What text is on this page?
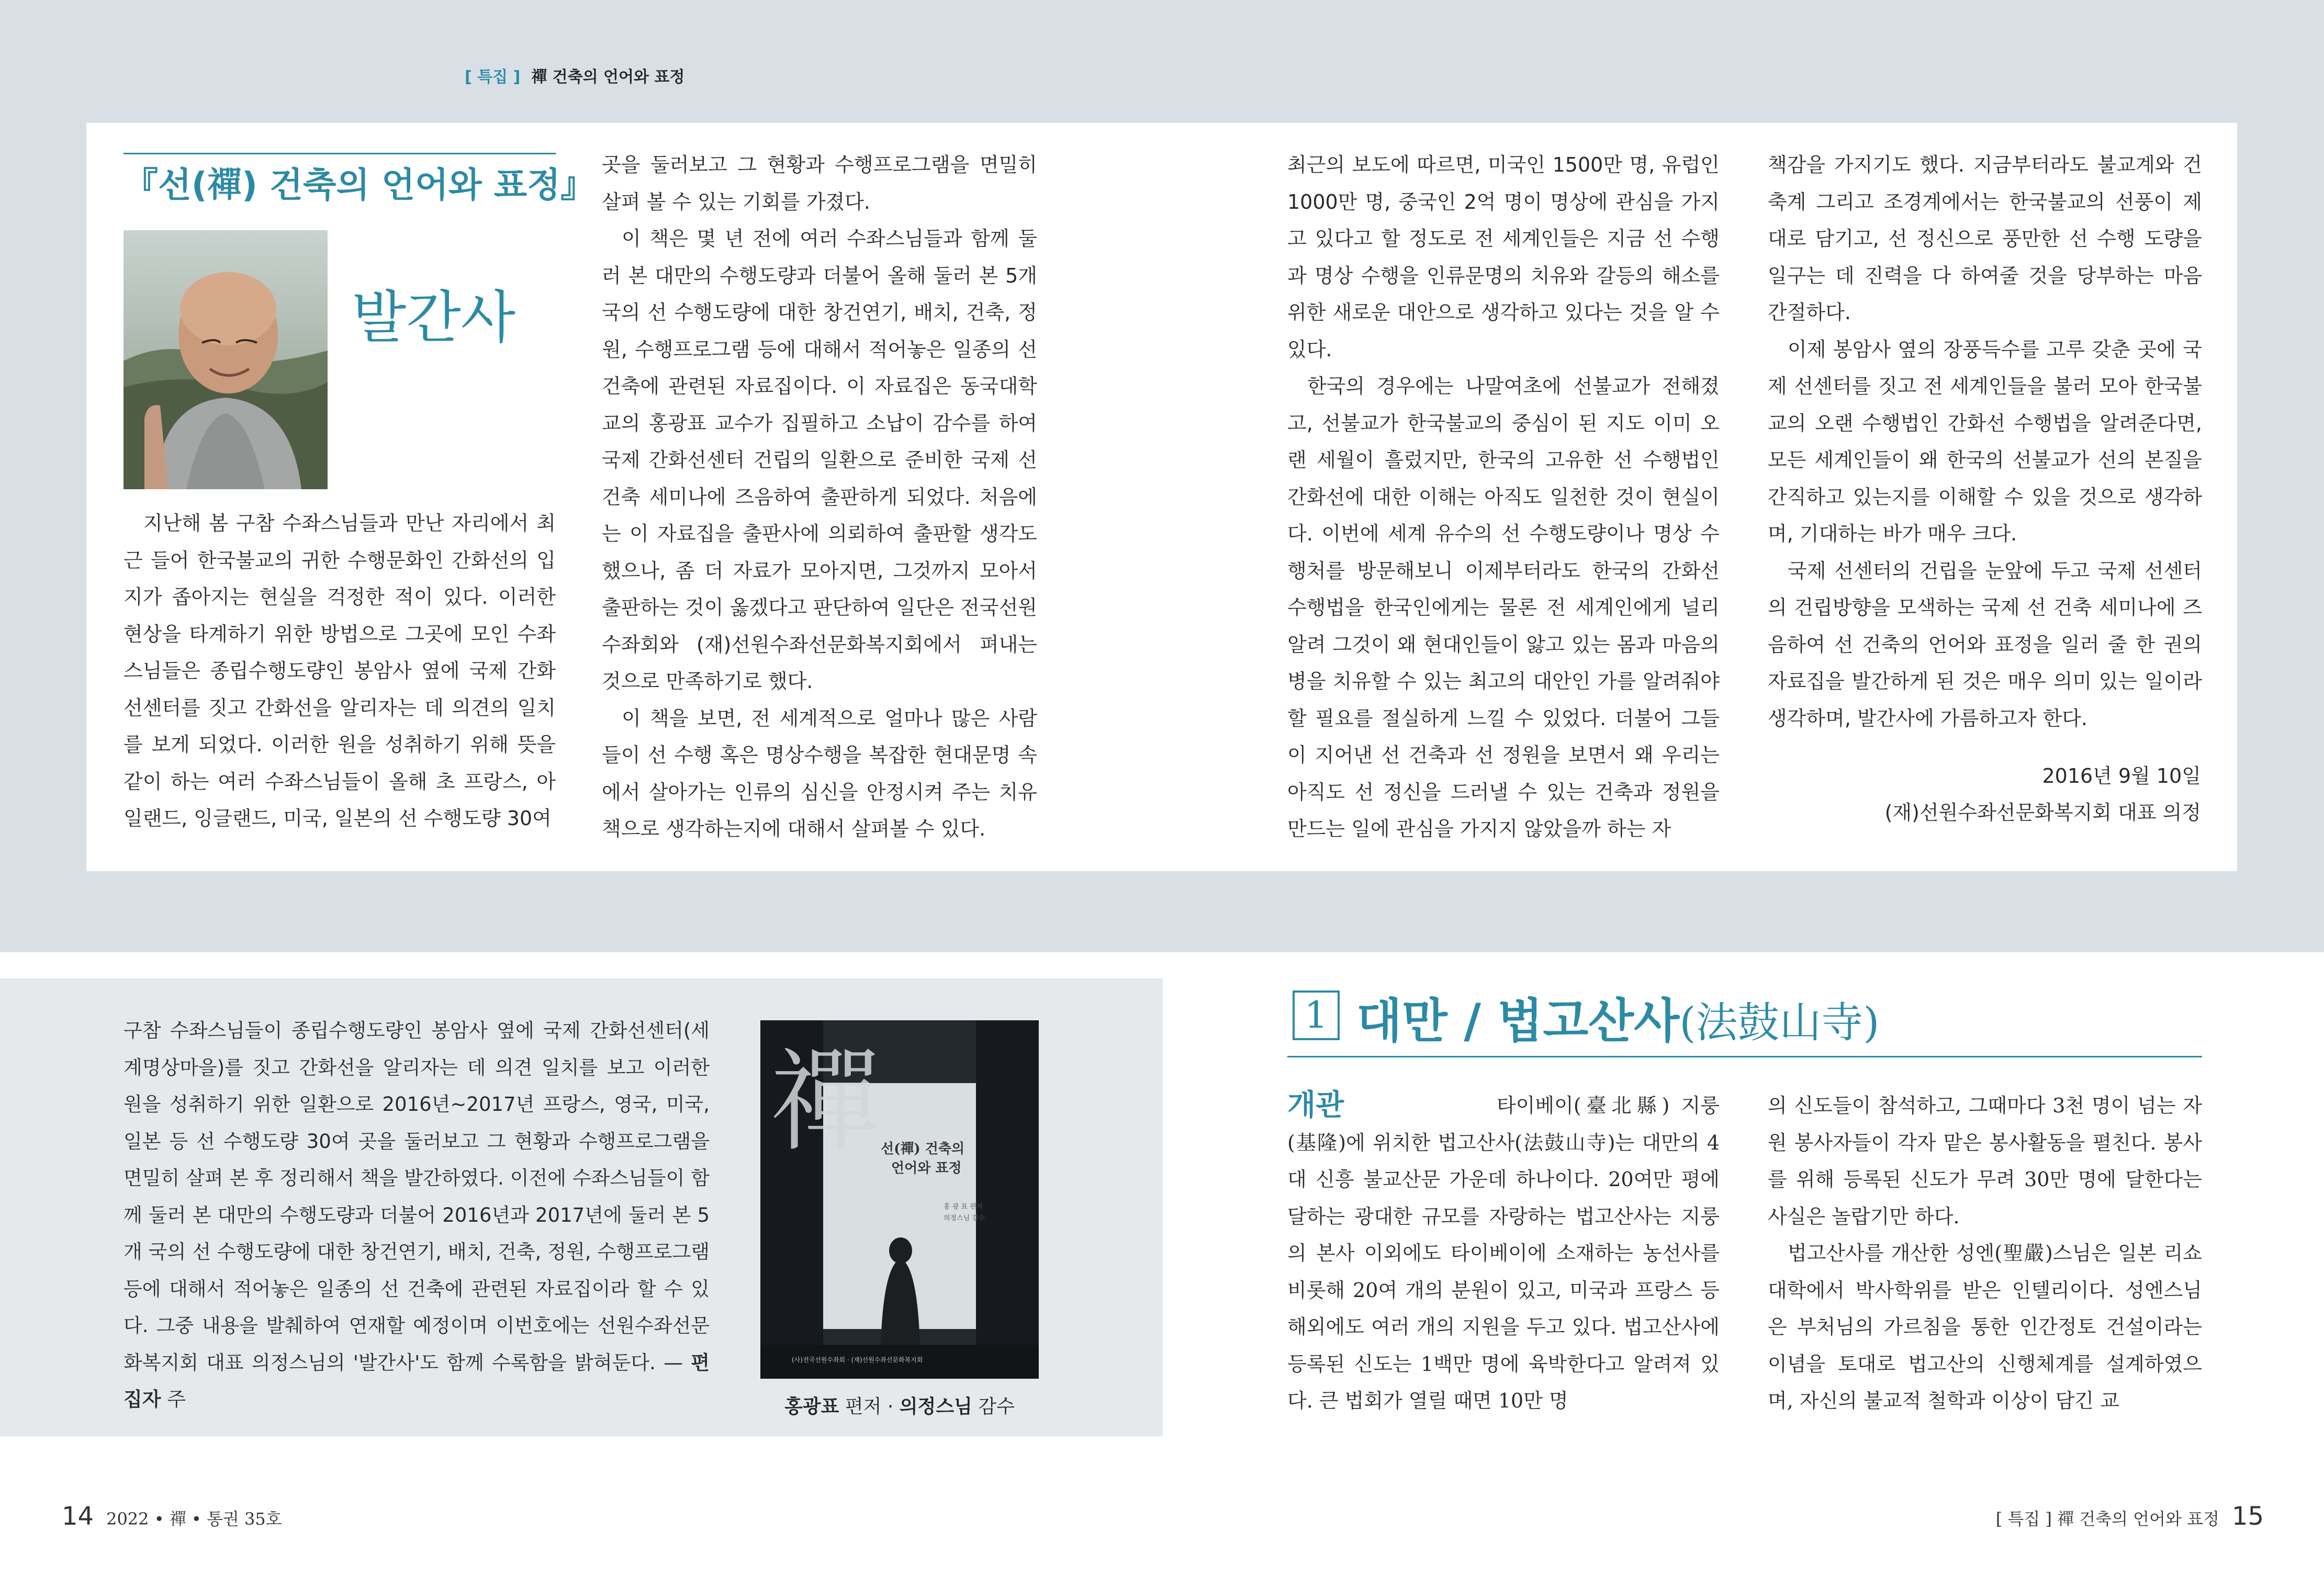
[ 특집 ] 禪 건축의 언어와 표정
『선(禪) 건축의 언어와 표정』
발간사

지난해 봄 구참 수좌스님들과 만난 자리에서 최근 들어 한국불교의 귀한 수행문화인 간화선의 입지가 좁아지는 현실을 걱정한 적이 있다. 이러한 현상을 타계하기 위한 방법으로 그곳에 모인 수좌스님들은 종립수행도량인 봉암사 옆에 국제 간화선센터를 짓고 간화선을 알리자는 데 의견의 일치를 보게 되었다. 이러한 원을 성취하기 위해 뜻을 같이 하는 여러 수좌스님들이 올해 초 프랑스, 아일랜드, 잉글랜드, 미국, 일본의 선 수행도량 30여

곳을 둘러보고 그 현황과 수행프로그램을 면밀히 살펴 볼 수 있는 기회를 가졌다.

이 책은 몇 년 전에 여러 수좌스님들과 함께 둘러 본 대만의 수행도량과 더불어 올해 둘러 본 5개 국의 선 수행도량에 대한 창건연기, 배치, 건축, 정원, 수행프로그램 등에 대해서 적어놓은 일종의 선 건축에 관련된 자료집이다. 이 자료집은 동국대학교의 홍광표 교수가 집필하고 소납이 감수를 하여 국제 간화선센터 건립의 일환으로 준비한 국제 선 건축 세미나에 즈음하여 출판하게 되었다. 처음에는 이 자료집을 출판사에 의뢰하여 출판할 생각도 했으나, 좀 더 자료가 모아지면, 그것까지 모아서 출판하는 것이 옳겠다고 판단하여 일단은 전국선원수좌회와 (재)선원수좌선문화복지회에서 펴내는 것으로 만족하기로 했다.

이 책을 보면, 전 세계적으로 얼마나 많은 사람들이 선 수행 혹은 명상수행을 복잡한 현대문명 속에서 살아가는 인류의 심신을 안정시켜 주는 치유책으로 생각하는지에 대해서 살펴볼 수 있다.

최근의 보도에 따르면, 미국인 1500만 명, 유럽인 1000만 명, 중국인 2억 명이 명상에 관심을 가지고 있다고 할 정도로 전 세계인들은 지금 선 수행과 명상 수행을 인류문명의 치유와 갈등의 해소를 위한 새로운 대안으로 생각하고 있다는 것을 알 수 있다.

한국의 경우에는 나말여초에 선불교가 전해졌고, 선불교가 한국불교의 중심이 된 지도 이미 오랜 세월이 흘렀지만, 한국의 고유한 선 수행법인 간화선에 대한 이해는 아직도 일천한 것이 현실이다. 이번에 세계 유수의 선 수행도량이나 명상 수행처를 방문해보니 이제부터라도 한국의 간화선 수행법을 한국인에게는 물론 전 세계인에게 널리 알려 그것이 왜 현대인들이 앓고 있는 몸과 마음의 병을 치유할 수 있는 최고의 대안인 가를 알려줘야 할 필요를 절실하게 느낄 수 있었다. 더불어 그들이 지어낸 선 건축과 선 정원을 보면서 왜 우리는 아직도 선 정신을 드러낼 수 있는 건축과 정원을 만드는 일에 관심을 가지지 않았을까 하는 자

책감을 가지기도 했다. 지금부터라도 불교계와 건축계 그리고 조경계에서는 한국불교의 선풍이 제대로 담기고, 선 정신으로 풍만한 선 수행 도량을 일구는 데 진력을 다 하여줄 것을 당부하는 마음 간절하다.

이제 봉암사 옆의 장풍득수를 고루 갖춘 곳에 국제 선센터를 짓고 전 세계인들을 불러 모아 한국불교의 오랜 수행법인 간화선 수행법을 알려준다면, 모든 세계인들이 왜 한국의 선불교가 선의 본질을 간직하고 있는지를 이해할 수 있을 것으로 생각하며, 기대하는 바가 매우 크다.

국제 선센터의 건립을 눈앞에 두고 국제 선센터의 건립방향을 모색하는 국제 선 건축 세미나에 즈음하여 선 건축의 언어와 표정을 일러 줄 한 권의 자료집을 발간하게 된 것은 매우 의미 있는 일이라 생각하며, 발간사에 가름하고자 한다.

2016년 9월 10일
(재)선원수좌선문화복지회 대표 의정
구참 수좌스님들이 종립수행도량인 봉암사 옆에 국제 간화선센터(세계명상마을)를 짓고 간화선을 알리자는 데 의견 일치를 보고 이러한 원을 성취하기 위한 일환으로 2016년~2017년 프랑스, 영국, 미국, 일본 등 선 수행도량 30여 곳을 둘러보고 그 현황과 수행프로그램을 면밀히 살펴 본 후 정리해서 책을 발간하였다. 이전에 수좌스님들이 함께 둘러 본 대만의 수행도량과 더불어 2016년과 2017년에 둘러 본 5개 국의 선 수행도량에 대한 창건연기, 배치, 건축, 정원, 수행프로그램 등에 대해서 적어놓은 일종의 선 건축에 관련된 자료집이라 할 수 있다. 그중 내용을 발췌하여 연재할 예정이며 이번호에는 선원수좌선문화복지회 대표 의정스님의 '발간사'도 함께 수록함을 밝혀둔다. — 편집자 주
禪 선(禪) 건축의
언어와 표정
홍 광 표 편저
의정스님 감수
(사)전국선원수좌회 · (재)선원수좌선문화복지회
홍광표 편저 · 의정스님 감수
1 대만 / 법고산사(法鼓山寺)
개관	타이베이(臺北縣) 지룽(基隆)에 위치한 법고산사(法鼓山寺)는 대만의 4대 신흥 불교산문 가운데 하나이다. 20여만 평에 달하는 광대한 규모를 자랑하는 법고산사는 지룽의 본사 이외에도 타이베이에 소재하는 농선사를 비롯해 20여 개의 분원이 있고, 미국과 프랑스 등 해외에도 여러 개의 지원을 두고 있다. 법고산사에 등록된 신도는 1백만 명에 육박한다고 알려져 있다. 큰 법회가 열릴 때면 10만 명

의 신도들이 참석하고, 그때마다 3천 명이 넘는 자원 봉사자들이 각자 맡은 봉사활동을 펼친다. 봉사를 위해 등록된 신도가 무려 30만 명에 달한다는 사실은 놀랍기만 하다.

법고산사를 개산한 성엔(聖嚴)스님은 일본 리쇼대학에서 박사학위를 받은 인텔리이다. 성엔스님은 부처님의 가르침을 통한 인간정토 건설이라는 이념을 토대로 법고산의 신행체계를 설계하였으며, 자신의 불교적 철학과 이상이 담긴 교

14 2022 • 禪 • 통권 35호	[ 특집 ] 禪 건축의 언어와 표정 15
